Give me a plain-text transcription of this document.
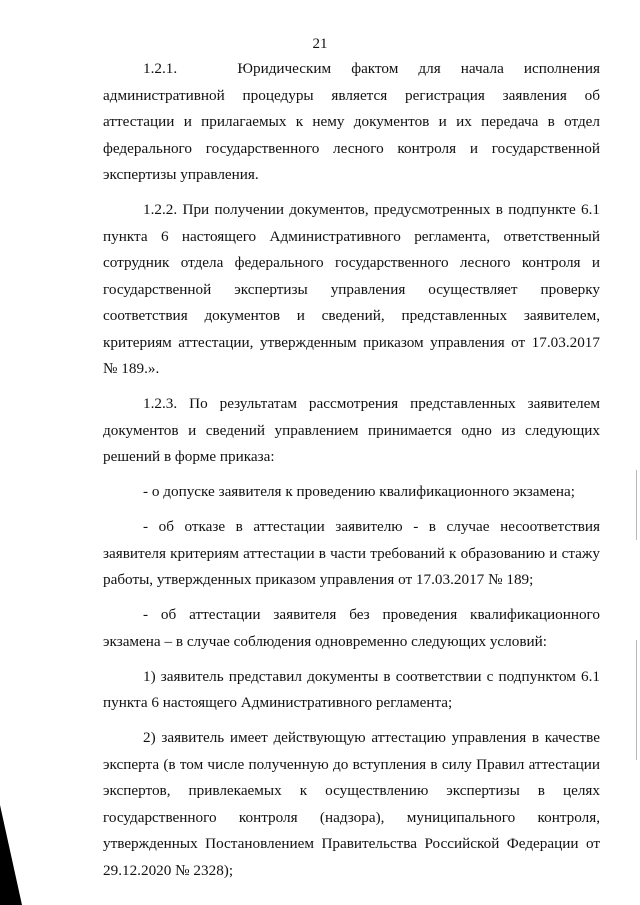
21

1.2.1.   Юридическим фактом для начала исполнения административной процедуры является регистрация заявления об аттестации и прилагаемых к нему документов и их передача в отдел федерального государственного лесного контроля и государственной экспертизы управления.

1.2.2. При получении документов, предусмотренных в подпункте 6.1 пункта 6 настоящего Административного регламента, ответственный сотрудник отдела федерального государственного лесного контроля и государственной экспертизы управления осуществляет проверку соответствия документов и сведений, представленных заявителем, критериям аттестации, утвержденным приказом управления от 17.03.2017 № 189.».

1.2.3. По результатам рассмотрения представленных заявителем документов и сведений управлением принимается одно из следующих решений в форме приказа:

- о допуске заявителя к проведению квалификационного экзамена;

- об отказе в аттестации заявителю - в случае несоответствия заявителя критериям аттестации в части требований к образованию и стажу работы, утвержденных приказом управления от 17.03.2017 № 189;

- об аттестации заявителя без проведения квалификационного экзамена – в случае соблюдения одновременно следующих условий:

1) заявитель представил документы в соответствии с подпунктом 6.1 пункта 6 настоящего Административного регламента;

2) заявитель имеет действующую аттестацию управления в качестве эксперта (в том числе полученную до вступления в силу Правил аттестации экспертов, привлекаемых к осуществлению экспертизы в целях государственного контроля (надзора), муниципального контроля, утвержденных Постановлением Правительства Российской Федерации от 29.12.2020 № 2328);
